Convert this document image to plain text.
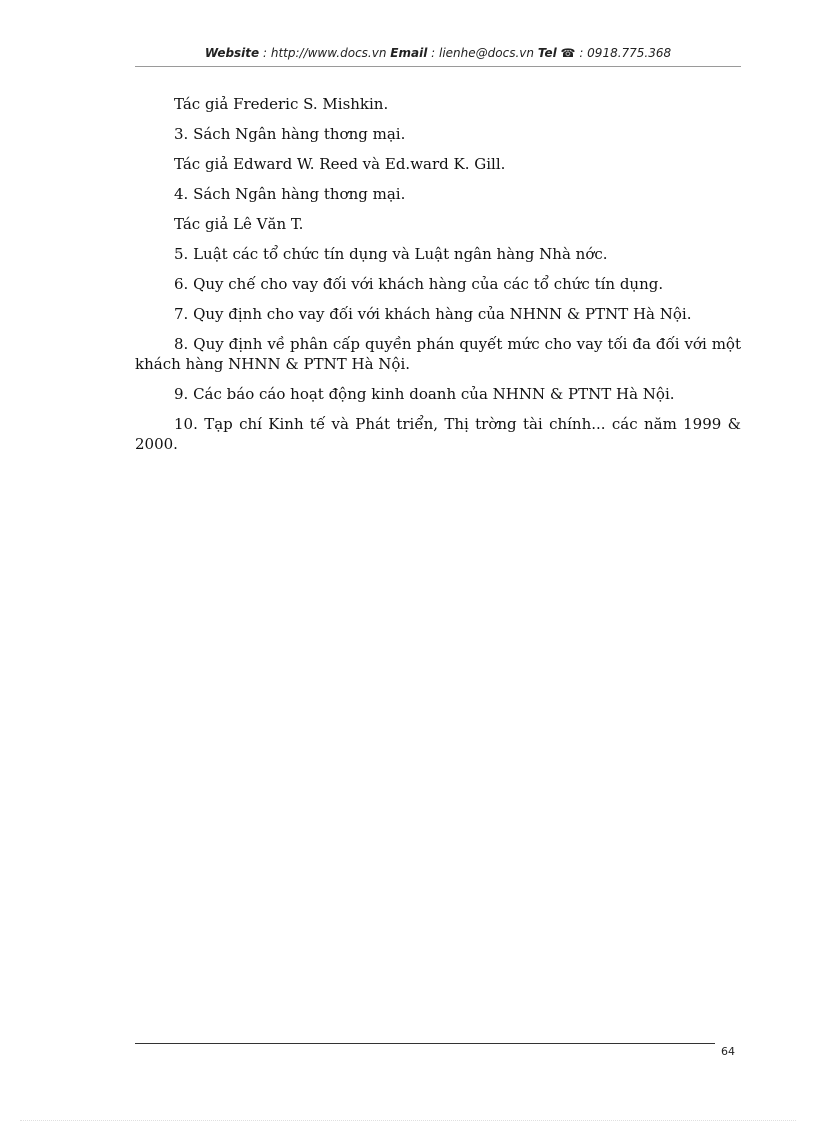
Website : http://www.docs.vn Email : lienhe@docs.vn Tel ☎ : 0918.775.368

Tác giả Frederic S. Mishkin.

3. Sách Ngân hàng thơng mại.

Tác giả Edward W. Reed và Ed.ward K. Gill.

4. Sách Ngân hàng thơng mại.

Tác giả Lê Văn T.

5. Luật các tổ chức tín dụng và Luật ngân hàng Nhà nớc.

6. Quy chế cho vay đối với khách hàng của các tổ chức tín dụng.

7. Quy định cho vay đối với khách hàng của NHNN & PTNT Hà Nội.

8. Quy định về phân cấp quyền phán quyết mức cho vay tối đa đối với một khách hàng NHNN & PTNT Hà Nội.

9. Các báo cáo hoạt động kinh doanh của NHNN & PTNT Hà Nội.

10. Tạp chí Kinh tế và Phát triển, Thị trờng tài chính... các năm 1999 & 2000.

64
